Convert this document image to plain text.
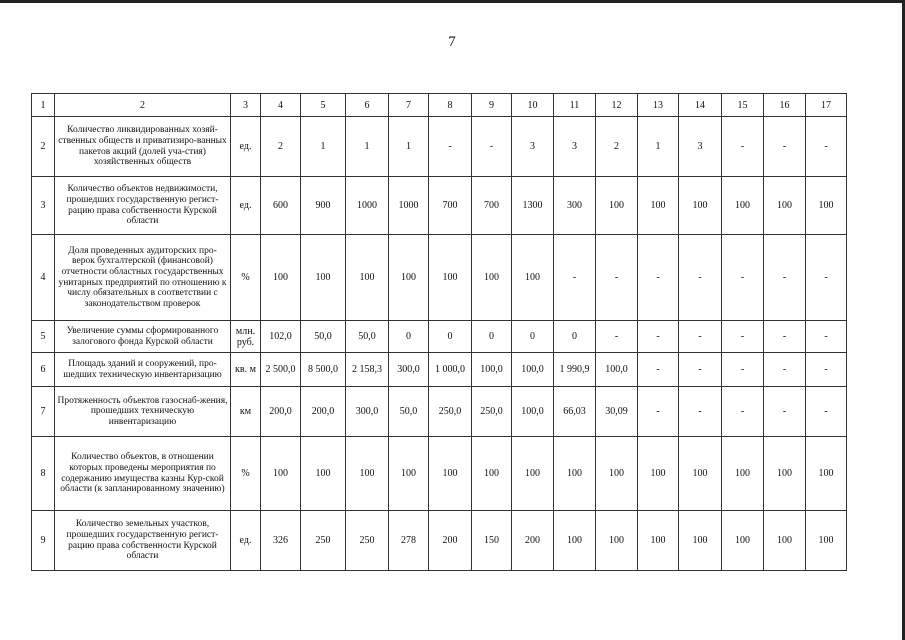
7
1	2	3	4	5	6	7	8	9	10	11	12	13	14	15	16	17
2	Количество ликвидированных хозяй-ственных обществ и приватизиро-ванных пакетов акций (долей уча-стия) хозяйственных обществ	ед.	2	1	1	1	-	-	3	3	2	1	3	-	-	-
3	Количество объектов недвижимости, прошедших государственную регист-рацию права собственности Курской области	ед.	600	900	1000	1000	700	700	1300	300	100	100	100	100	100	100
4	Доля проведенных аудиторских про-верок бухгалтерской (финансовой) отчетности областных государственных унитарных предприятий по отношению к числу обязательных в соответствии с законодательством проверок	%	100	100	100	100	100	100	100	-	-	-	-	-	-	-
5	Увеличение суммы сформированного залогового фонда Курской области	млн. руб.	102,0	50,0	50,0	0	0	0	0	0	-	-	-	-	-	-
6	Площадь зданий и сооружений, про-шедших техническую инвентаризацию	кв. м	2 500,0	8 500,0	2 158,3	300,0	1 000,0	100,0	100,0	1 990,9	100,0	-	-	-	-	-
7	Протяженность объектов газоснаб-жения, прошедших техническую инвентаризацию	км	200,0	200,0	300,0	50,0	250,0	250,0	100,0	66,03	30,09	-	-	-	-	-
8	Количество объектов, в отношении которых проведены мероприятия по содержанию имущества казны Кур-ской области (к запланированному значению)	%	100	100	100	100	100	100	100	100	100	100	100	100	100	100
9	Количество земельных участков, прошедших государственную регист-рацию права собственности Курской области	ед.	326	250	250	278	200	150	200	100	100	100	100	100	100	100
